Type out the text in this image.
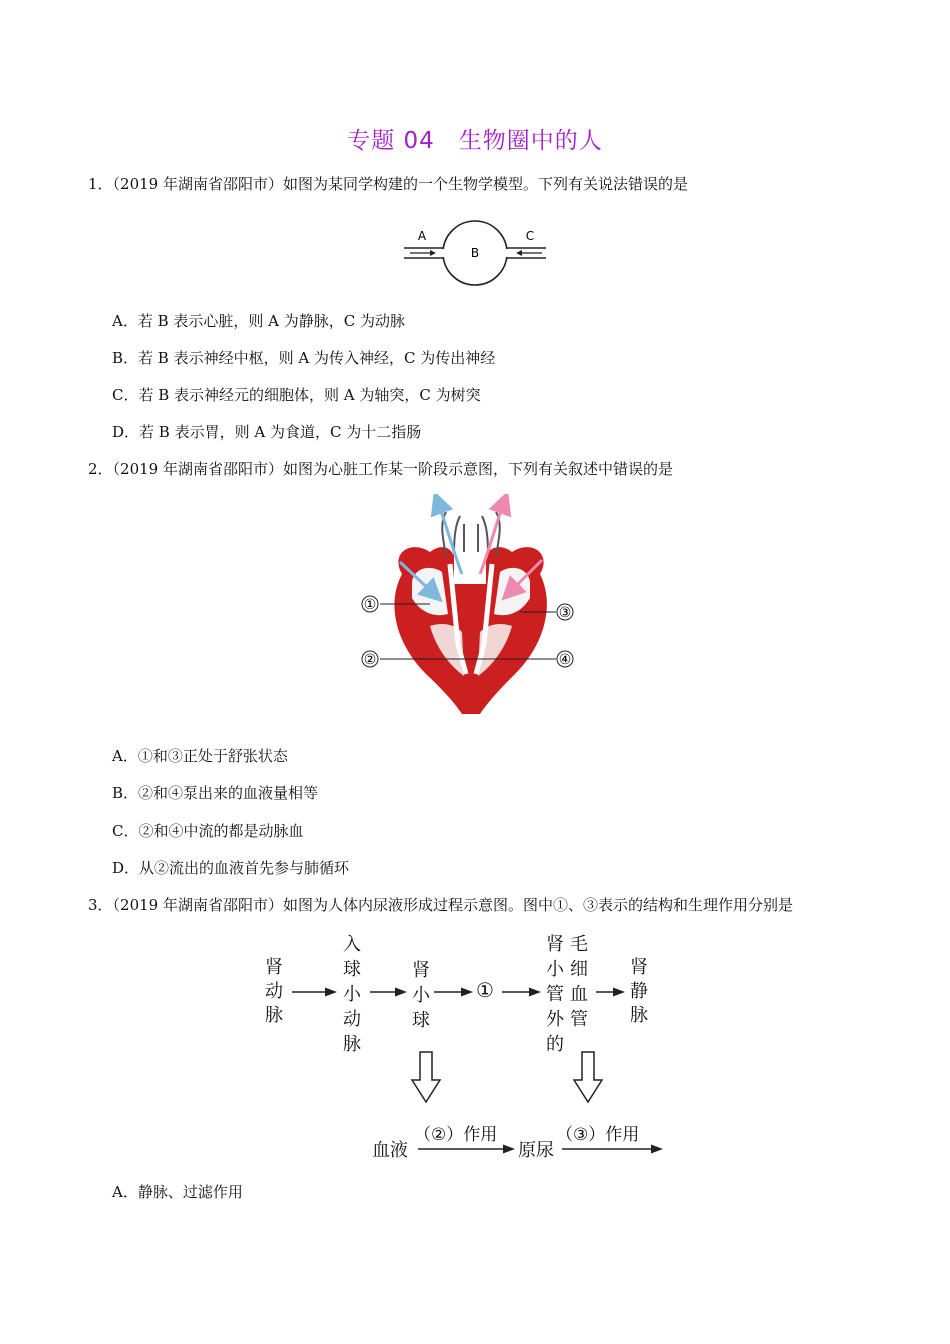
专题 04　生物圈中的人
1．（2019 年湖南省邵阳市）如图为某同学构建的一个生物学模型。下列有关说法错误的是
A
B
C
A．若 B 表示心脏，则 A 为静脉，C 为动脉
B．若 B 表示神经中枢，则 A 为传入神经，C 为传出神经
C．若 B 表示神经元的细胞体，则 A 为轴突，C 为树突
D．若 B 表示胃，则 A 为食道，C 为十二指肠
2．（2019 年湖南省邵阳市）如图为心脏工作某一阶段示意图，下列有关叙述中错误的是
①
②
③
④
A．①和③正处于舒张状态
B．②和④泵出来的血液量相等
C．②和④中流的都是动脉血
D．从②流出的血液首先参与肺循环
3．（2019 年湖南省邵阳市）如图为人体内尿液形成过程示意图。图中①、③表示的结构和生理作用分别是
肾动脉
入球小动脉
肾小球
①
肾小管外的
毛细血管
肾静脉
血液
（②）作用
原尿
（③）作用
A．静脉、过滤作用
